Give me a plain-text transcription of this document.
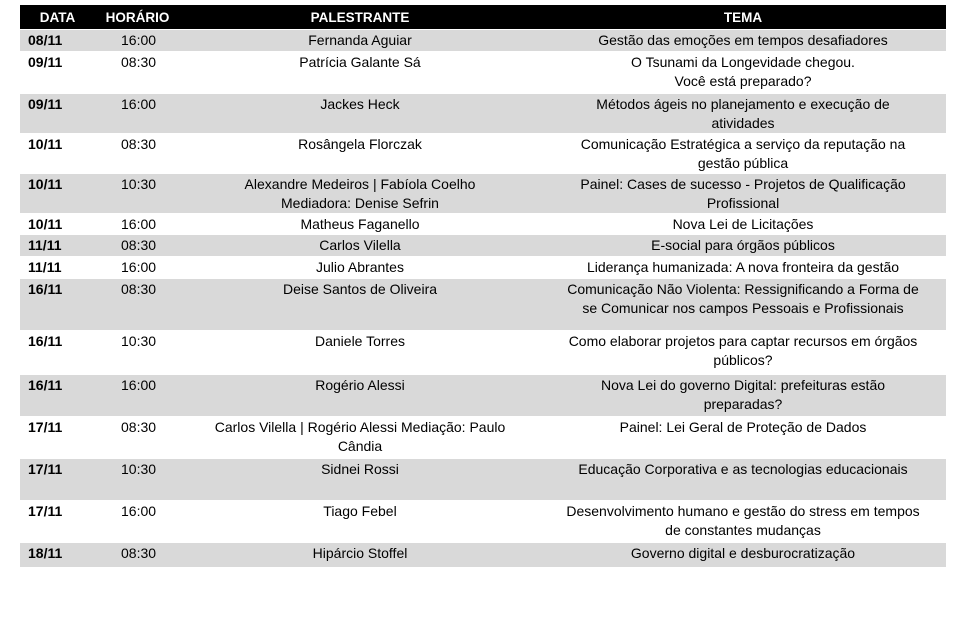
DATA	HORÁRIO	PALESTRANTE	TEMA
08/11	16:00	Fernanda Aguiar	Gestão das emoções em tempos desafiadores

09/11	08:30	Patrícia Galante Sá	O Tsunami da Longevidade chegou.
Você está preparado?

09/11	16:00	Jackes Heck	Métodos ágeis no planejamento e execução de
atividades

10/11	08:30	Rosângela Florczak	Comunicação Estratégica a serviço da reputação na
gestão pública

10/11	10:30	Alexandre Medeiros | Fabíola Coelho
Mediadora: Denise Sefrin	Painel: Cases de sucesso - Projetos de Qualificação
Profissional

10/11	16:00	Matheus Faganello	Nova Lei de Licitações

11/11	08:30	Carlos Vilella	E-social para órgãos públicos

11/11	16:00	Julio Abrantes	Liderança humanizada: A nova fronteira da gestão

16/11	08:30	Deise Santos de Oliveira	Comunicação Não Violenta: Ressignificando a Forma de
se Comunicar nos campos Pessoais e Profissionais

16/11	10:30	Daniele Torres	Como elaborar projetos para captar recursos em órgãos
públicos?

16/11	16:00	Rogério Alessi	Nova Lei do governo Digital: prefeituras estão
preparadas?

17/11	08:30	Carlos Vilella | Rogério Alessi Mediação: Paulo
Cândia	Painel: Lei Geral de Proteção de Dados

17/11	10:30	Sidnei Rossi	Educação Corporativa e as tecnologias educacionais

17/11	16:00	Tiago Febel	Desenvolvimento humano e gestão do stress em tempos
de constantes mudanças

18/11	08:30	Hipárcio Stoffel	Governo digital e desburocratização
